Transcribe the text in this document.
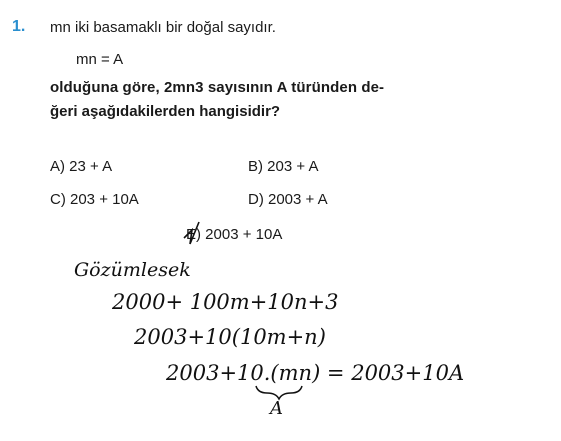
1. mn iki basamaklı bir doğal sayıdır.
mn = A
olduğuna göre, 2mn3 sayısının A türünden de-
ğeri aşağıdakilerden hangisidir?
A) 23 + A	B) 203 + A
C) 203 + 10A	D) 2003 + A
E) 2003 + 10A
Gözümlesek
2000+ 100m+10n+3
2003+10(10m+n)
2003+10.(mn) = 2003+10A
A
